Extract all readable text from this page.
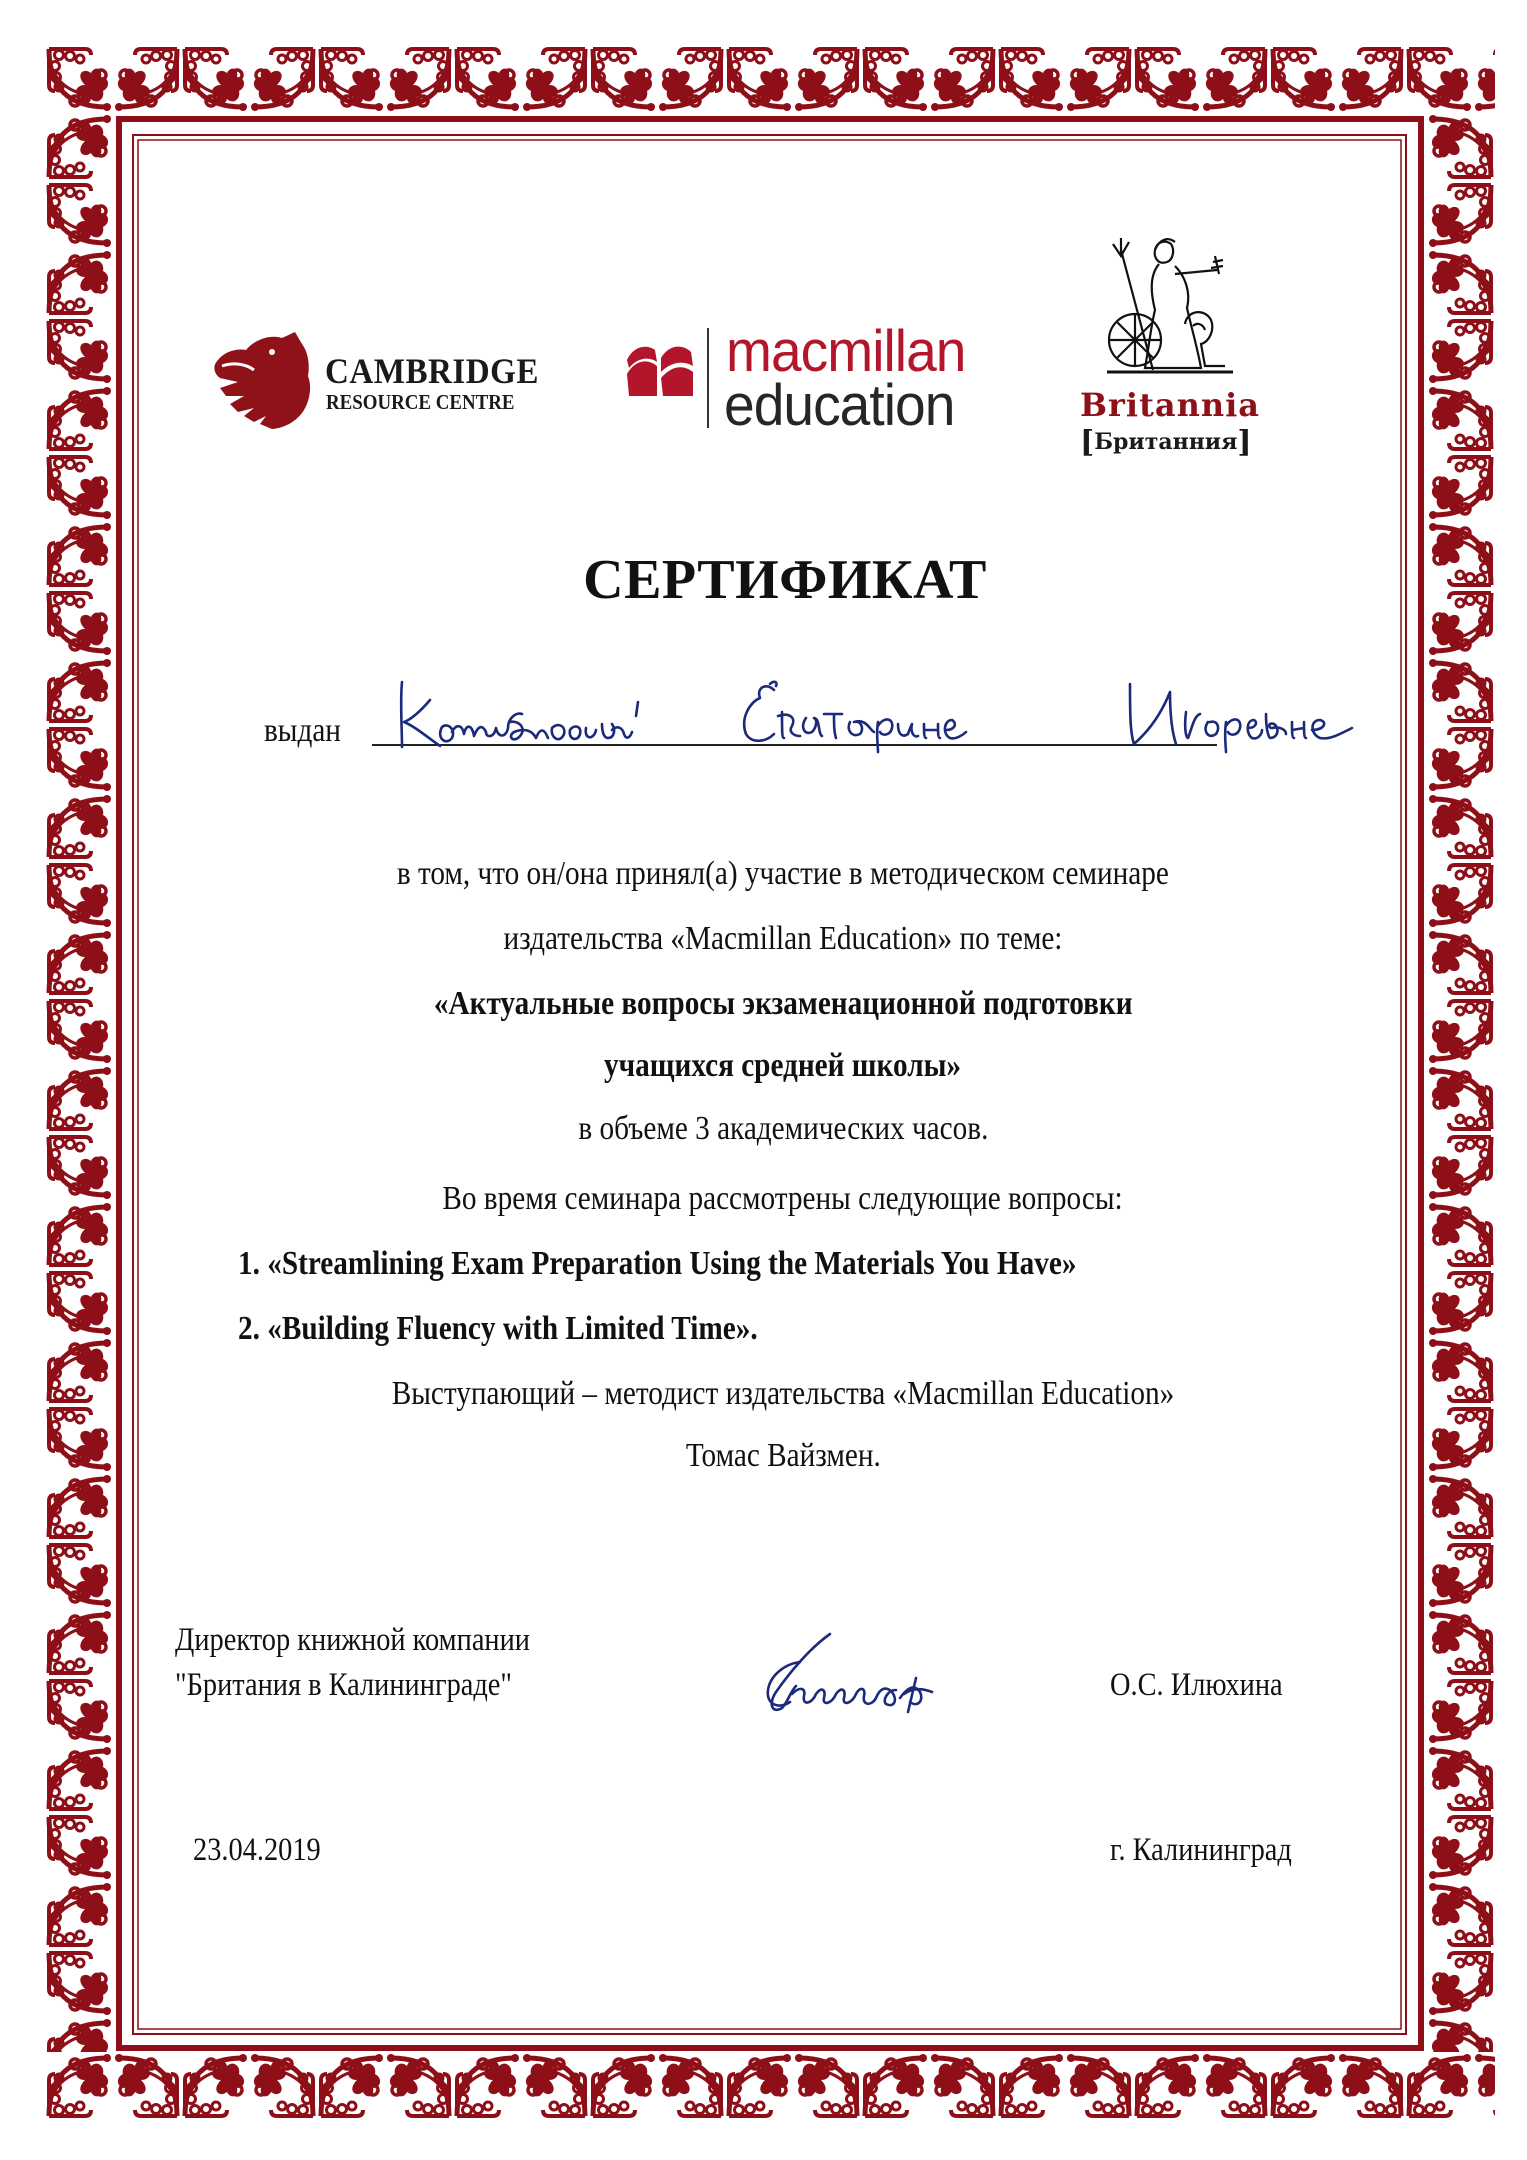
CAMBRIDGE
RESOURCE CENTRE
macmillan
education	Britannia
[Британния]
СЕРТИФИКАТ
выдан
в том, что он/она принял(а) участие в методическом семинаре
издательства «Macmillan Education» по теме:
«Актуальные вопросы экзаменационной подготовки
учащихся средней школы»
в объеме 3 академических часов.
Во время семинара рассмотрены следующие вопросы:
1. «Streamlining Exam Preparation Using the Materials You Have»
2. «Building Fluency with Limited Time».
Выступающий – методист издательства «Macmillan Education»
Томас Вайзмен.
Директор книжной компании
"Британия в Калининграде"	О.С. Илюхина
23.04.2019	г. Калининград
